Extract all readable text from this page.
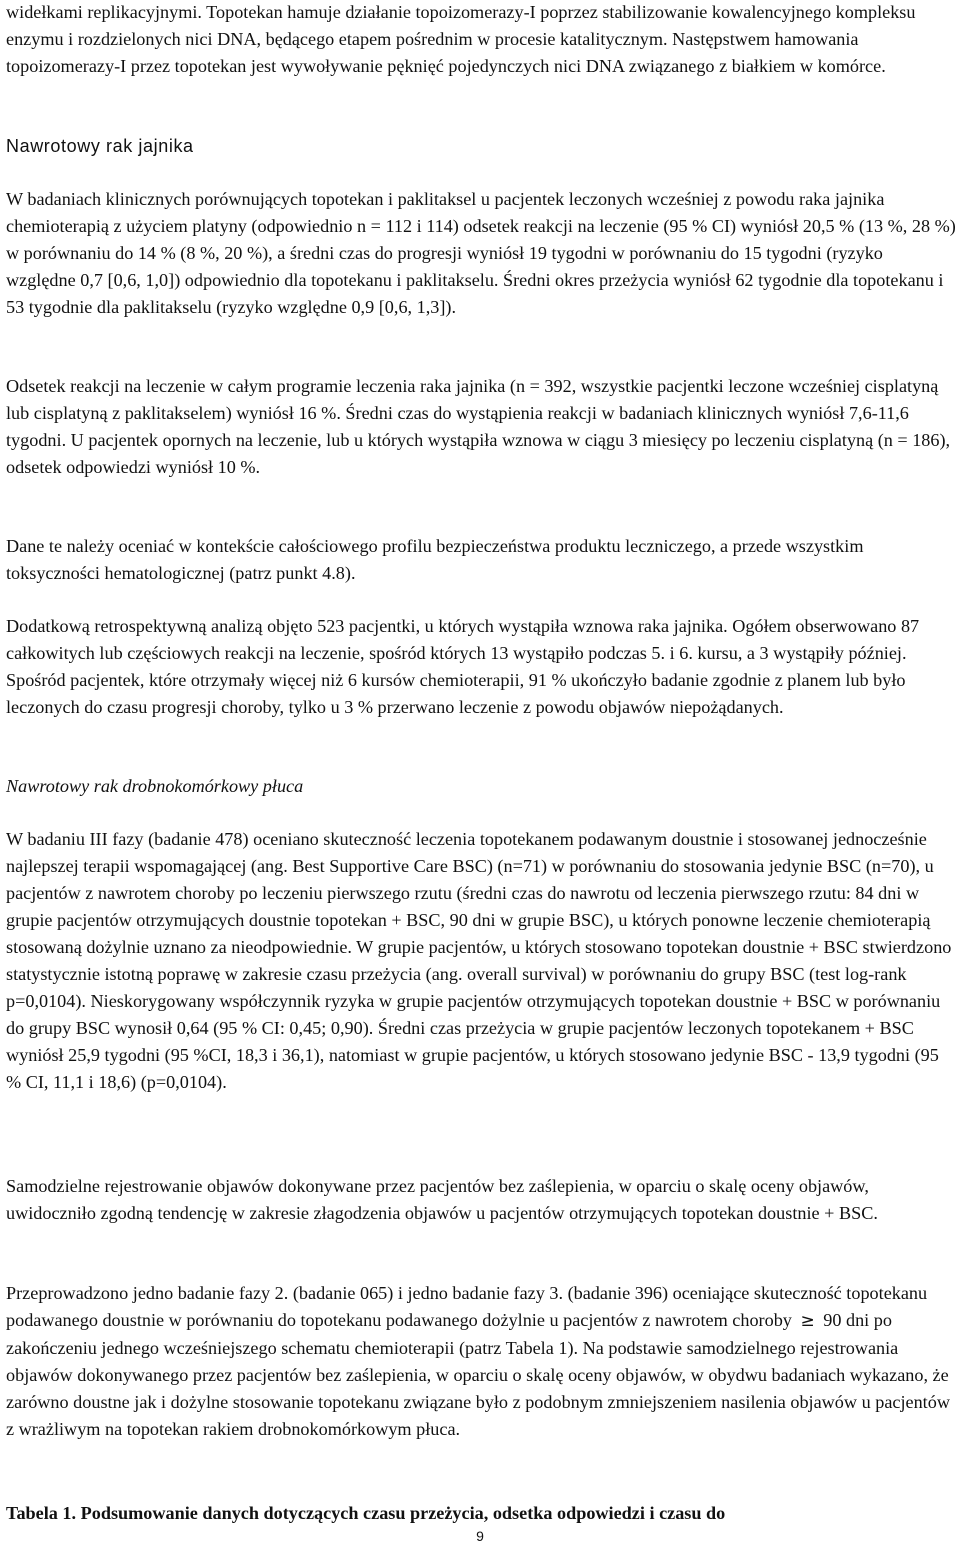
widełkami replikacyjnymi. Topotekan hamuje działanie topoizomerazy-I poprzez stabilizowanie kowalencyjnego kompleksu enzymu i rozdzielonych nici DNA, będącego etapem pośrednim w procesie katalitycznym. Następstwem hamowania topoizomerazy-I przez topotekan jest wywoływanie pęknięć pojedynczych nici DNA związanego z białkiem w komórce.

Nawrotowy rak jajnika

W badaniach klinicznych porównujących topotekan i paklitaksel u pacjentek leczonych wcześniej z powodu raka jajnika chemioterapią z użyciem platyny (odpowiednio n = 112 i 114) odsetek reakcji na leczenie (95 % CI) wyniósł 20,5 % (13 %, 28 %) w porównaniu do 14 % (8 %, 20 %), a średni czas do progresji wyniósł 19 tygodni w porównaniu do 15 tygodni (ryzyko względne 0,7 [0,6, 1,0]) odpowiednio dla topotekanu i paklitakselu. Średni okres przeżycia wyniósł 62 tygodnie dla topotekanu i 53 tygodnie dla paklitakselu (ryzyko względne 0,9 [0,6, 1,3]).

Odsetek reakcji na leczenie w całym programie leczenia raka jajnika (n = 392, wszystkie pacjentki leczone wcześniej cisplatyną lub cisplatyną z paklitakselem) wyniósł 16 %. Średni czas do wystąpienia reakcji w badaniach klinicznych wyniósł 7,6-11,6 tygodni. U pacjentek opornych na leczenie, lub u których wystąpiła wznowa w ciągu 3 miesięcy po leczeniu cisplatyną (n = 186), odsetek odpowiedzi wyniósł 10 %.

Dane te należy oceniać w kontekście całościowego profilu bezpieczeństwa produktu leczniczego, a przede wszystkim toksyczności hematologicznej (patrz punkt 4.8).

Dodatkową retrospektywną analizą objęto 523 pacjentki, u których wystąpiła wznowa raka jajnika. Ogółem obserwowano 87 całkowitych lub częściowych reakcji na leczenie, spośród których 13 wystąpiło podczas 5. i 6. kursu, a 3 wystąpiły później. Spośród pacjentek, które otrzymały więcej niż 6 kursów chemioterapii, 91 % ukończyło badanie zgodnie z planem lub było leczonych do czasu progresji choroby, tylko u 3 % przerwano leczenie z powodu objawów niepożądanych.

Nawrotowy rak drobnokomórkowy płuca

W badaniu III fazy (badanie 478) oceniano skuteczność leczenia topotekanem podawanym doustnie i stosowanej jednocześnie najlepszej terapii wspomagającej (ang. Best Supportive Care BSC) (n=71) w porównaniu do stosowania jedynie BSC (n=70), u pacjentów z nawrotem choroby po leczeniu pierwszego rzutu (średni czas do nawrotu od leczenia pierwszego rzutu: 84 dni w grupie pacjentów otrzymujących doustnie topotekan + BSC, 90 dni w grupie BSC), u których ponowne leczenie chemioterapią stosowaną dożylnie uznano za nieodpowiednie. W grupie pacjentów, u których stosowano topotekan doustnie + BSC stwierdzono statystycznie istotną poprawę w zakresie czasu przeżycia (ang. overall survival) w porównaniu do grupy BSC (test log-rank p=0,0104). Nieskorygowany współczynnik ryzyka w grupie pacjentów otrzymujących topotekan doustnie + BSC w porównaniu do grupy BSC wynosił 0,64 (95 % CI: 0,45; 0,90). Średni czas przeżycia w grupie pacjentów leczonych topotekanem + BSC wyniósł 25,9 tygodni (95 %CI, 18,3 i 36,1), natomiast w grupie pacjentów, u których stosowano jedynie BSC - 13,9 tygodni (95 % CI, 11,1 i 18,6) (p=0,0104).

Samodzielne rejestrowanie objawów dokonywane przez pacjentów bez zaślepienia, w oparciu o skalę oceny objawów, uwidoczniło zgodną tendencję w zakresie złagodzenia objawów u pacjentów otrzymujących topotekan doustnie + BSC.

Przeprowadzono jedno badanie fazy 2. (badanie 065) i jedno badanie fazy 3. (badanie 396) oceniające skuteczność topotekanu podawanego doustnie w porównaniu do topotekanu podawanego dożylnie u pacjentów z nawrotem choroby ≥ 90 dni po zakończeniu jednego wcześniejszego schematu chemioterapii (patrz Tabela 1). Na podstawie samodzielnego rejestrowania objawów dokonywanego przez pacjentów bez zaślepienia, w oparciu o skalę oceny objawów, w obydwu badaniach wykazano, że zarówno doustne jak i dożylne stosowanie topotekanu związane było z podobnym zmniejszeniem nasilenia objawów u pacjentów z wrażliwym na topotekan rakiem drobnokomórkowym płuca.

Tabela 1. Podsumowanie danych dotyczących czasu przeżycia, odsetka odpowiedzi i czasu do

9
